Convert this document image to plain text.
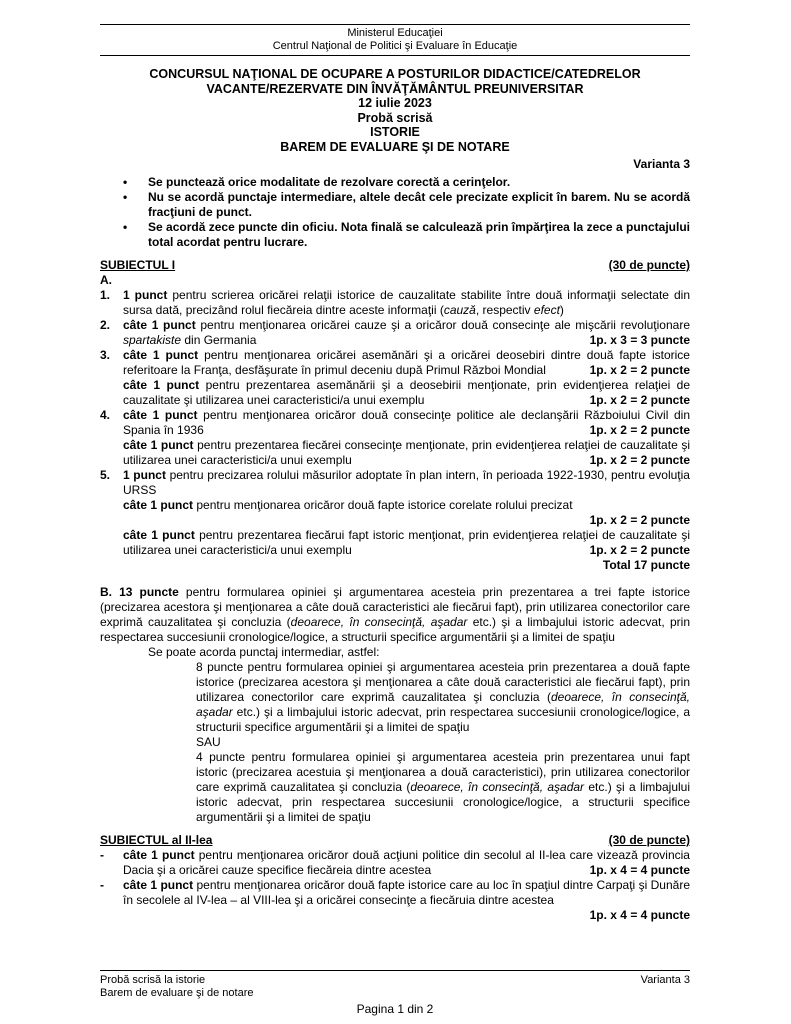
Ministerul Educaţiei
Centrul Naţional de Politici şi Evaluare în Educaţie
CONCURSUL NAŢIONAL DE OCUPARE A POSTURILOR DIDACTICE/CATEDRELOR
VACANTE/REZERVATE DIN ÎNVĂŢĂMÂNTUL PREUNIVERSITAR
12 iulie 2023
Probă scrisă
ISTORIE
BAREM DE EVALUARE ŞI DE NOTARE
Varianta 3
• Se punctează orice modalitate de rezolvare corectă a cerinţelor.
• Nu se acordă punctaje intermediare, altele decât cele precizate explicit în barem. Nu se acordă fracţiuni de punct.
• Se acordă zece puncte din oficiu. Nota finală se calculează prin împărţirea la zece a punctajului total acordat pentru lucrare.
SUBIECTUL I	(30 de puncte)
A.
1. 1 punct pentru scrierea oricărei relaţii istorice de cauzalitate stabilite între două informaţii selectate din sursa dată, precizând rolul fiecăreia dintre aceste informaţii (cauză, respectiv efect)
2. câte 1 punct pentru menţionarea oricărei cauze şi a oricăror două consecinţe ale mişcării revoluţionare spartakiste din Germania	1p. x 3 = 3 puncte
3. câte 1 punct pentru menţionarea oricărei asemănări şi a oricărei deosebiri dintre două fapte istorice referitoare la Franţa, desfăşurate în primul deceniu după Primul Război Mondial	1p. x 2 = 2 puncte
câte 1 punct pentru prezentarea asemănării şi a deosebirii menţionate, prin evidenţierea relaţiei de cauzalitate şi utilizarea unei caracteristici/a unui exemplu	1p. x 2 = 2 puncte
4. câte 1 punct pentru menţionarea oricăror două consecinţe politice ale declanşării Războiului Civil din Spania în 1936	1p. x 2 = 2 puncte
câte 1 punct pentru prezentarea fiecărei consecinţe menţionate, prin evidenţierea relaţiei de cauzalitate şi utilizarea unei caracteristici/a unui exemplu	1p. x 2 = 2 puncte
5. 1 punct pentru precizarea rolului măsurilor adoptate în plan intern, în perioada 1922-1930, pentru evoluţia URSS
câte 1 punct pentru menţionarea oricăror două fapte istorice corelate rolului precizat
1p. x 2 = 2 puncte
câte 1 punct pentru prezentarea fiecărui fapt istoric menţionat, prin evidenţierea relaţiei de cauzalitate şi utilizarea unei caracteristici/a unui exemplu	1p. x 2 = 2 puncte
Total 17 puncte
B. 13 puncte pentru formularea opiniei şi argumentarea acesteia prin prezentarea a trei fapte istorice (precizarea acestora şi menţionarea a câte două caracteristici ale fiecărui fapt), prin utilizarea conectorilor care exprimă cauzalitatea şi concluzia (deoarece, în consecinţă, aşadar etc.) şi a limbajului istoric adecvat, prin respectarea succesiunii cronologice/logice, a structurii specifice argumentării şi a limitei de spaţiu
Se poate acorda punctaj intermediar, astfel:
8 puncte pentru formularea opiniei şi argumentarea acesteia prin prezentarea a două fapte istorice (precizarea acestora şi menţionarea a câte două caracteristici ale fiecărui fapt), prin utilizarea conectorilor care exprimă cauzalitatea şi concluzia (deoarece, în consecinţă, aşadar etc.) şi a limbajului istoric adecvat, prin respectarea succesiunii cronologice/logice, a structurii specifice argumentării şi a limitei de spaţiu
SAU
4 puncte pentru formularea opiniei şi argumentarea acesteia prin prezentarea unui fapt istoric (precizarea acestuia şi menţionarea a două caracteristici), prin utilizarea conectorilor care exprimă cauzalitatea şi concluzia (deoarece, în consecinţă, aşadar etc.) şi a limbajului istoric adecvat, prin respectarea succesiunii cronologice/logice, a structurii specifice argumentării şi a limitei de spaţiu
SUBIECTUL al II-lea	(30 de puncte)
- câte 1 punct pentru menţionarea oricăror două acţiuni politice din secolul al II-lea care vizează provincia Dacia şi a oricărei cauze specifice fiecăreia dintre acestea	1p. x 4 = 4 puncte
- câte 1 punct pentru menţionarea oricăror două fapte istorice care au loc în spaţiul dintre Carpaţi şi Dunăre în secolele al IV-lea – al VIII-lea şi a oricărei consecinţe a fiecăruia dintre acestea
1p. x 4 = 4 puncte
Probă scrisă la istorie
Barem de evaluare şi de notare
Varianta 3
Pagina 1 din 2
